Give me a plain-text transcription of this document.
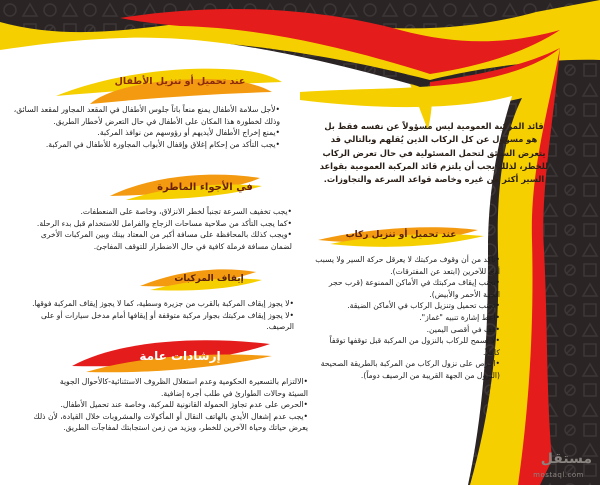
عند تحميل أو تنزيل الأطفال

•لأجل سلامة الأطفال يمنع منعاً باتاً جلوس الأطفال في المقعد المجاور لمقعد السائق،

وذلك لخطورة هذا المكان على الأطفال في حال التعرض لأخطار الطريق.

•يمنع إخراج الأطفال لأيديهم أو رؤوسهم من نوافذ المركبة.

•يجب التأكد من إحكام إغلاق وإقفال الأبواب المجاورة للأطفال في المركبة.

في الأجواء الماطرة

•يجب تخفيف السرعة تجنباً لخطر الانزلاق، وخاصة على المنعطفات.

•كما يجب التأكد من صلاحية مساحات الزجاج والفرامل للاستخدام قبل بدء الرحلة.

•ويجب كذلك بالمحافظة على مسافة أكبر من المعتاد بينك وبين المركبات الأخرى

لضمان مسافة فرملة كافية في حال الاضطرار للتوقف المفاجئ.

إيقاف المركبات

•لا يجوز إيقاف المركبة بالقرب من جزيرة وسطية، كما لا يجوز إيقاف المركبة فوقها.

•لا يجوز إيقاف مركبتك بجوار مركبة متوقفة أو إيقافها أمام مدخل سيارات أو على

الرصيف.

إرشادات عامة

•الالتزام بالتسعيرة الحكومية وعدم استغلال الظروف الاستثنائية-كالأحوال الجوية

السيئة وحالات الطوارئ في طلب أجرة إضافية.

•الحرص على عدم تجاوز الحمولة القانونية للمركبة، وخاصة عند تحميل الأطفال.

•يجب عدم إشغال الأيدي بالهاتف النقال أو المأكولات والمشروبات خلال القيادة، لأن ذلك

يعرض حياتك وحياة الآخرين للخطر، ويزيد من زمن استجابتك لمفاجآت الطريق.

قائد المركبة العمومية ليس مسؤولاً عن نفسه فقط بل هو مسؤول عن كل الركاب الذين يُقلهم وبالتالي قد يتعرض السائق لتحمل المسئولية في حال تعرض الركاب للخطر، لذلك يجب أن يلتزم قائد المركبة العمومية بقواعد السير أكثر من غيره وخاصة قواعد السرعة والتجاوزات.

عند تحميل أو تنزيل ركاب

•تأكد من أن وقوف مركبتك لا يعرقل حركة السير ولا يسبب

أذى للآخرين (ابتعد عن المفترقات).

•تجنب إيقاف مركبتك في الأماكن الممنوعة (قرب حجر

الجهة الأحمر والأبيض).

•تجنب تحميل وتنزيل الركاب في الأماكن الضيقة.

•أعط إشارة تنبيه "غماز".

•قف في أقصى اليمين.

•لا تسمح للركاب بالنزول من المركبة قبل توقفها توقفاً كاملاً.

•احرص على نزول الركاب من المركبة بالطريقة الصحيحة

(النزول من الجهة القريبة من الرصيف دوماً).

مستقل
mostaql.com
